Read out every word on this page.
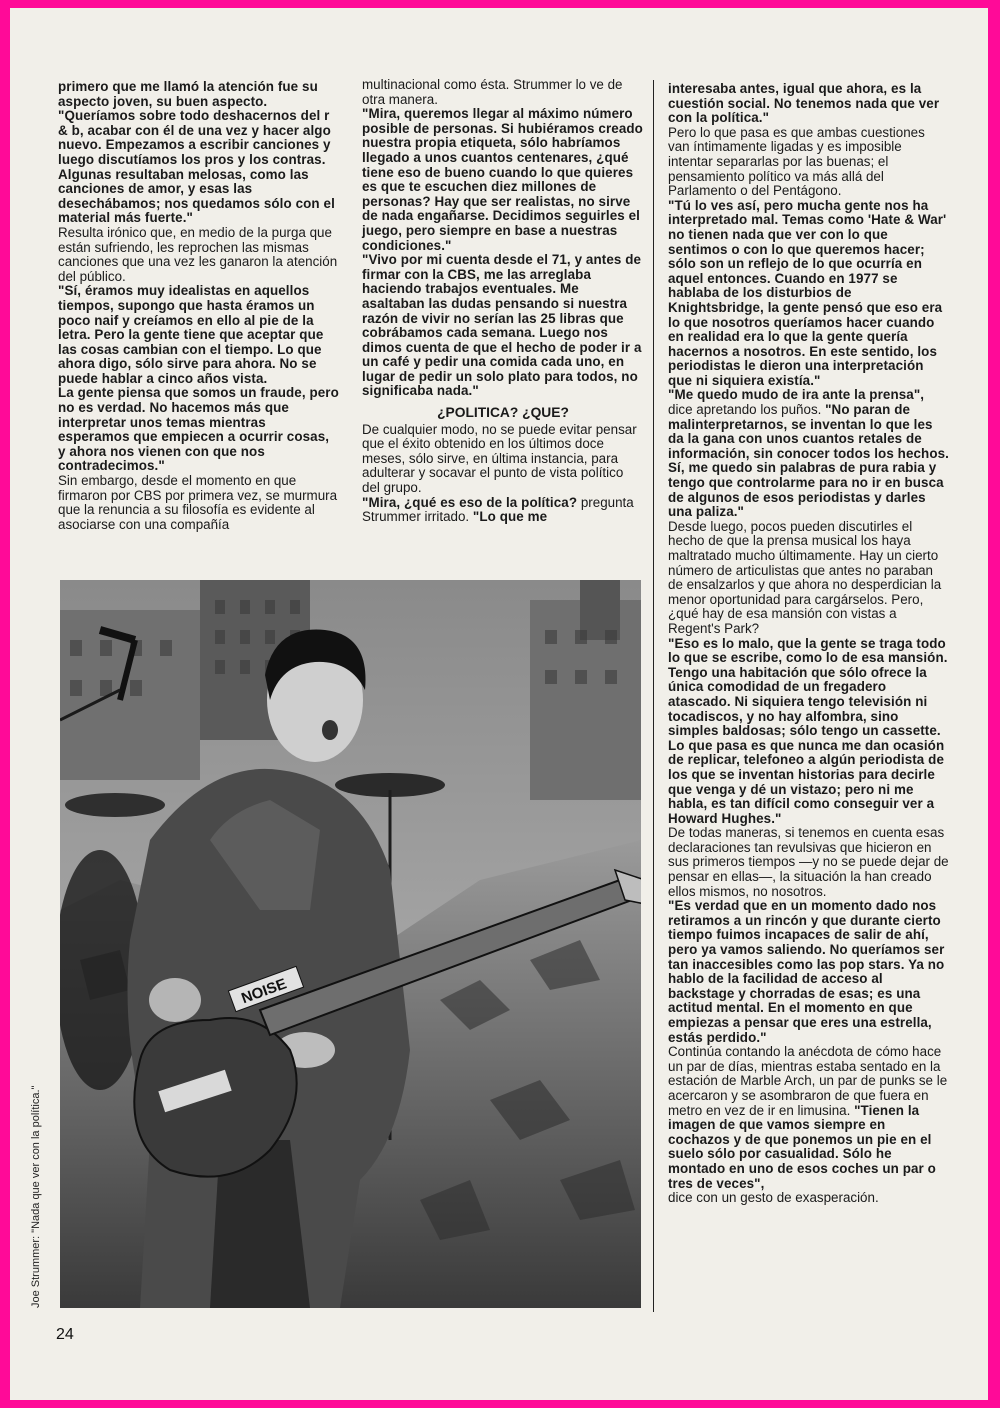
primero que me llamó la atención fue su aspecto joven, su buen aspecto.

"Queríamos sobre todo deshacernos del r & b, acabar con él de una vez y hacer algo nuevo. Empezamos a escribir canciones y luego discutíamos los pros y los contras. Algunas resultaban melosas, como las canciones de amor, y esas las desechábamos; nos quedamos sólo con el material más fuerte."

Resulta irónico que, en medio de la purga que están sufriendo, les reprochen las mismas canciones que una vez les ganaron la atención del público.

"Sí, éramos muy idealistas en aquellos tiempos, supongo que hasta éramos un poco naif y creíamos en ello al pie de la letra. Pero la gente tiene que aceptar que las cosas cambian con el tiempo. Lo que ahora digo, sólo sirve para ahora. No se puede hablar a cinco años vista.

La gente piensa que somos un fraude, pero no es verdad. No hacemos más que interpretar unos temas mientras esperamos que empiecen a ocurrir cosas, y ahora nos vienen con que nos contradecimos."

Sin embargo, desde el momento en que firmaron por CBS por primera vez, se murmura que la renuncia a su filosofía es evidente al asociarse con una compañía

multinacional como ésta. Strummer lo ve de otra manera.

"Mira, queremos llegar al máximo número posible de personas. Si hubiéramos creado nuestra propia etiqueta, sólo habríamos llegado a unos cuantos centenares, ¿qué tiene eso de bueno cuando lo que quieres es que te escuchen diez millones de personas? Hay que ser realistas, no sirve de nada engañarse. Decidimos seguirles el juego, pero siempre en base a nuestras condiciones."

"Vivo por mi cuenta desde el 71, y antes de firmar con la CBS, me las arreglaba haciendo trabajos eventuales. Me asaltaban las dudas pensando si nuestra razón de vivir no serían las 25 libras que cobrábamos cada semana. Luego nos dimos cuenta de que el hecho de poder ir a un café y pedir una comida cada uno, en lugar de pedir un solo plato para todos, no significaba nada."

¿POLITICA? ¿QUE?

De cualquier modo, no se puede evitar pensar que el éxito obtenido en los últimos doce meses, sólo sirve, en última instancia, para adulterar y socavar el punto de vista político del grupo.

"Mira, ¿qué es eso de la política? pregunta Strummer irritado. "Lo que me

interesaba antes, igual que ahora, es la cuestión social. No tenemos nada que ver con la política."

Pero lo que pasa es que ambas cuestiones van íntimamente ligadas y es imposible intentar separarlas por las buenas; el pensamiento político va más allá del Parlamento o del Pentágono.

"Tú lo ves así, pero mucha gente nos ha interpretado mal. Temas como 'Hate & War' no tienen nada que ver con lo que sentimos o con lo que queremos hacer; sólo son un reflejo de lo que ocurría en aquel entonces. Cuando en 1977 se hablaba de los disturbios de Knightsbridge, la gente pensó que eso era lo que nosotros queríamos hacer cuando en realidad era lo que la gente quería hacernos a nosotros. En este sentido, los periodistas le dieron una interpretación que ni siquiera existía."

"Me quedo mudo de ira ante la prensa", dice apretando los puños. "No paran de malinterpretarnos, se inventan lo que les da la gana con unos cuantos retales de información, sin conocer todos los hechos. Sí, me quedo sin palabras de pura rabia y tengo que controlarme para no ir en busca de algunos de esos periodistas y darles una paliza."

Desde luego, pocos pueden discutirles el hecho de que la prensa musical los haya maltratado mucho últimamente. Hay un cierto número de articulistas que antes no paraban de ensalzarlos y que ahora no desperdician la menor oportunidad para cargárselos. Pero, ¿qué hay de esa mansión con vistas a Regent's Park?

"Eso es lo malo, que la gente se traga todo lo que se escribe, como lo de esa mansión. Tengo una habitación que sólo ofrece la única comodidad de un fregadero atascado. Ni siquiera tengo televisión ni tocadiscos, y no hay alfombra, sino simples baldosas; sólo tengo un cassette. Lo que pasa es que nunca me dan ocasión de replicar, telefoneo a algún periodista de los que se inventan historias para decirle que venga y dé un vistazo; pero ni me habla, es tan difícil como conseguir ver a Howard Hughes."

De todas maneras, si tenemos en cuenta esas declaraciones tan revulsivas que hicieron en sus primeros tiempos —y no se puede dejar de pensar en ellas—, la situación la han creado ellos mismos, no nosotros.

"Es verdad que en un momento dado nos retiramos a un rincón y que durante cierto tiempo fuimos incapaces de salir de ahí, pero ya vamos saliendo. No queríamos ser tan inaccesibles como las pop stars. Ya no hablo de la facilidad de acceso al backstage y chorradas de esas; es una actitud mental. En el momento en que empiezas a pensar que eres una estrella, estás perdido."

Continúa contando la anécdota de cómo hace un par de días, mientras estaba sentado en la estación de Marble Arch, un par de punks se le acercaron y se asombraron de que fuera en metro en vez de ir en limusina. "Tienen la imagen de que vamos siempre en cochazos y de que ponemos un pie en el suelo sólo por casualidad. Sólo he montado en uno de esos coches un par o tres de veces",

dice con un gesto de exasperación.

NOISE
Joe Strummer: "Nada que ver con la política."
24
